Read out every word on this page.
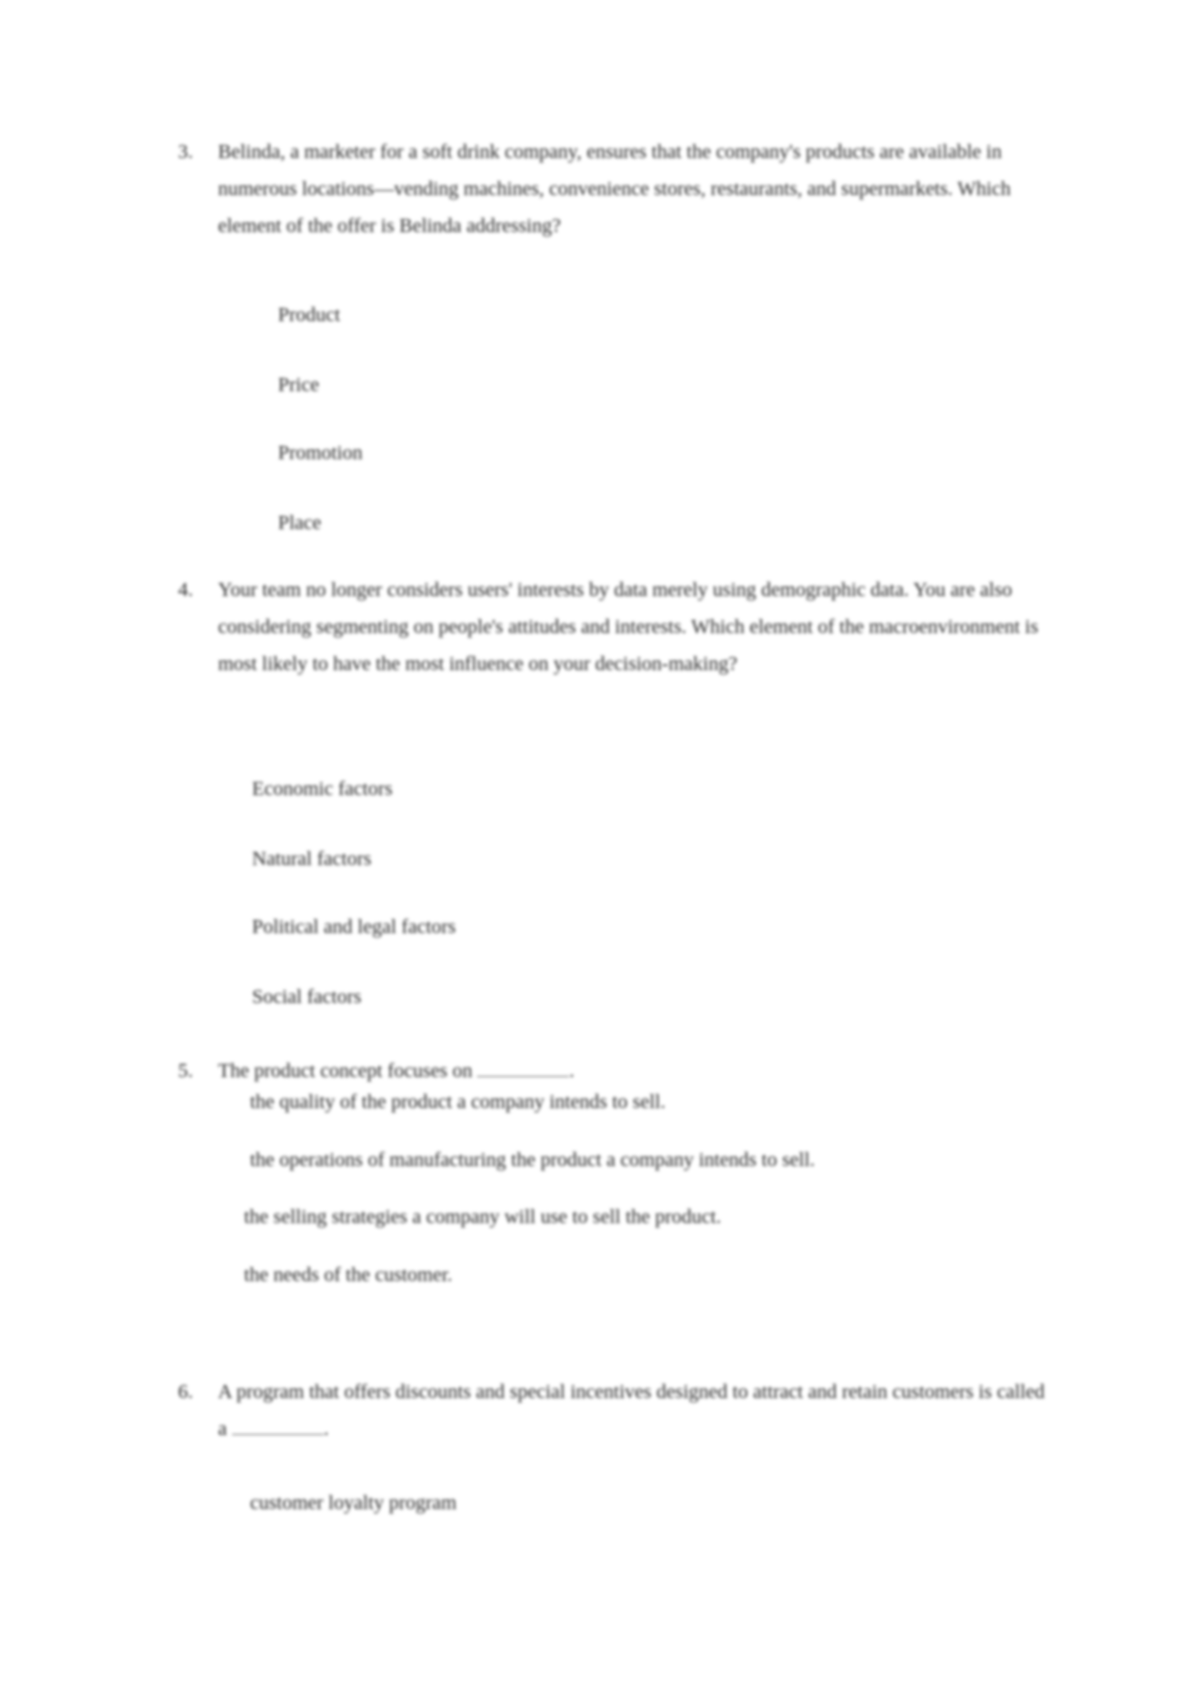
3.	Belinda, a marketer for a soft drink company, ensures that the company's products are available in numerous locations—vending machines, convenience stores, restaurants, and supermarkets. Which element of the offer is Belinda addressing?
Product
Price
Promotion
Place
4.	Your team no longer considers users' interests by data merely using demographic data. You are also considering segmenting on people's attitudes and interests. Which element of the macroenvironment is most likely to have the most influence on your decision-making?
Economic factors
Natural factors
Political and legal factors
Social factors
5.	The product concept focuses on	.
the quality of the product a company intends to sell.
the operations of manufacturing the product a company intends to sell.
the selling strategies a company will use to sell the product.
the needs of the customer.
6.	A program that offers discounts and special incentives designed to attract and retain customers is called a	.
customer loyalty program
